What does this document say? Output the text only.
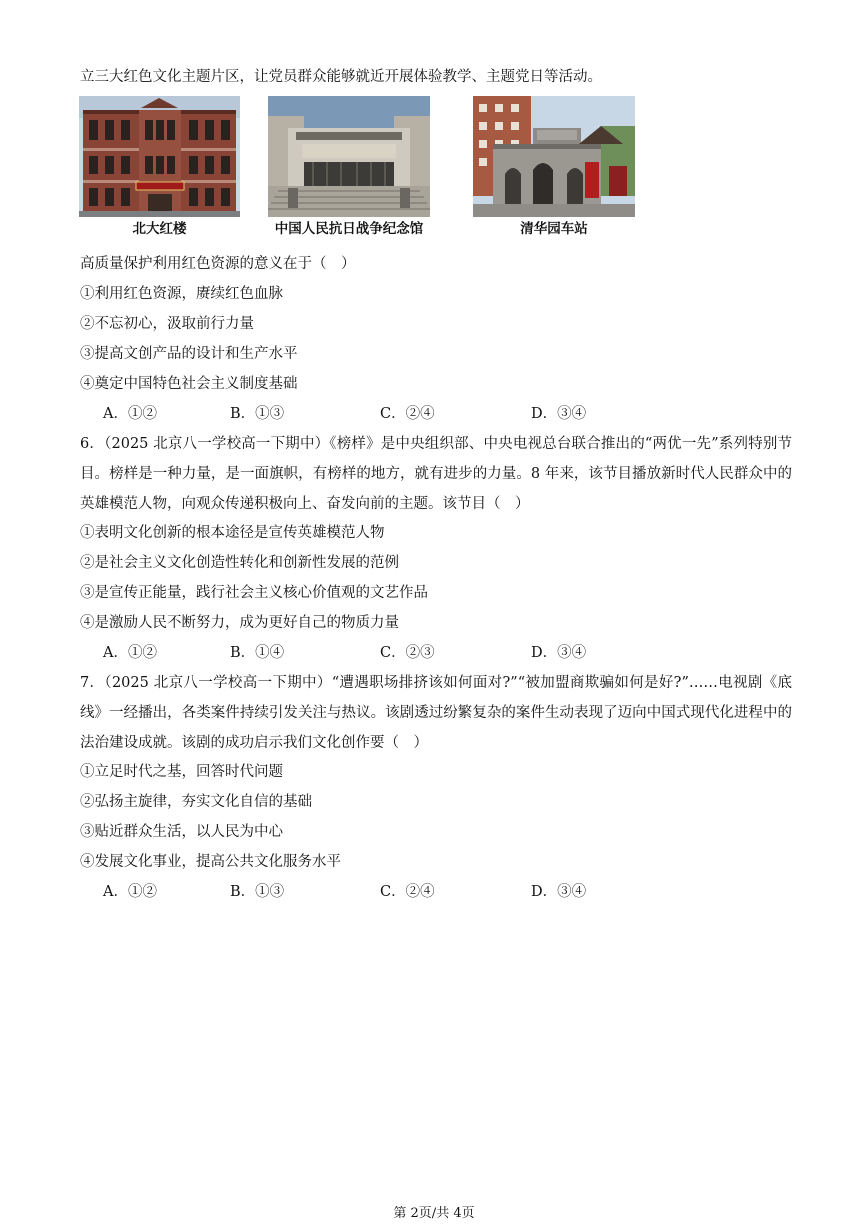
立三大红色文化主题片区，让党员群众能够就近开展体验教学、主题党日等活动。
北大红楼	中国人民抗日战争纪念馆	清华园车站
高质量保护利用红色资源的意义在于（　）
①利用红色资源，赓续红色血脉
②不忘初心，汲取前行力量
③提高文创产品的设计和生产水平
④奠定中国特色社会主义制度基础
A．①②	B．①③	C．②④	D．③④
6．（2025 北京八一学校高一下期中）《榜样》是中央组织部、中央电视总台联合推出的“两优一先”系列特别节目。榜样是一种力量，是一面旗帜，有榜样的地方，就有进步的力量。8 年来，该节目播放新时代人民群众中的英雄模范人物，向观众传递积极向上、奋发向前的主题。该节目（　）
①表明文化创新的根本途径是宣传英雄模范人物
②是社会主义文化创造性转化和创新性发展的范例
③是宣传正能量，践行社会主义核心价值观的文艺作品
④是激励人民不断努力，成为更好自己的物质力量
A．①②	B．①④	C．②③	D．③④
7．（2025 北京八一学校高一下期中）“遭遇职场排挤该如何面对?”“被加盟商欺骗如何是好?”……电视剧《底线》一经播出，各类案件持续引发关注与热议。该剧透过纷繁复杂的案件生动表现了迈向中国式现代化进程中的法治建设成就。该剧的成功启示我们文化创作要（　）
①立足时代之基，回答时代问题
②弘扬主旋律，夯实文化自信的基础
③贴近群众生活，以人民为中心
④发展文化事业，提高公共文化服务水平
A．①②	B．①③	C．②④	D．③④
第 2页/共 4页
